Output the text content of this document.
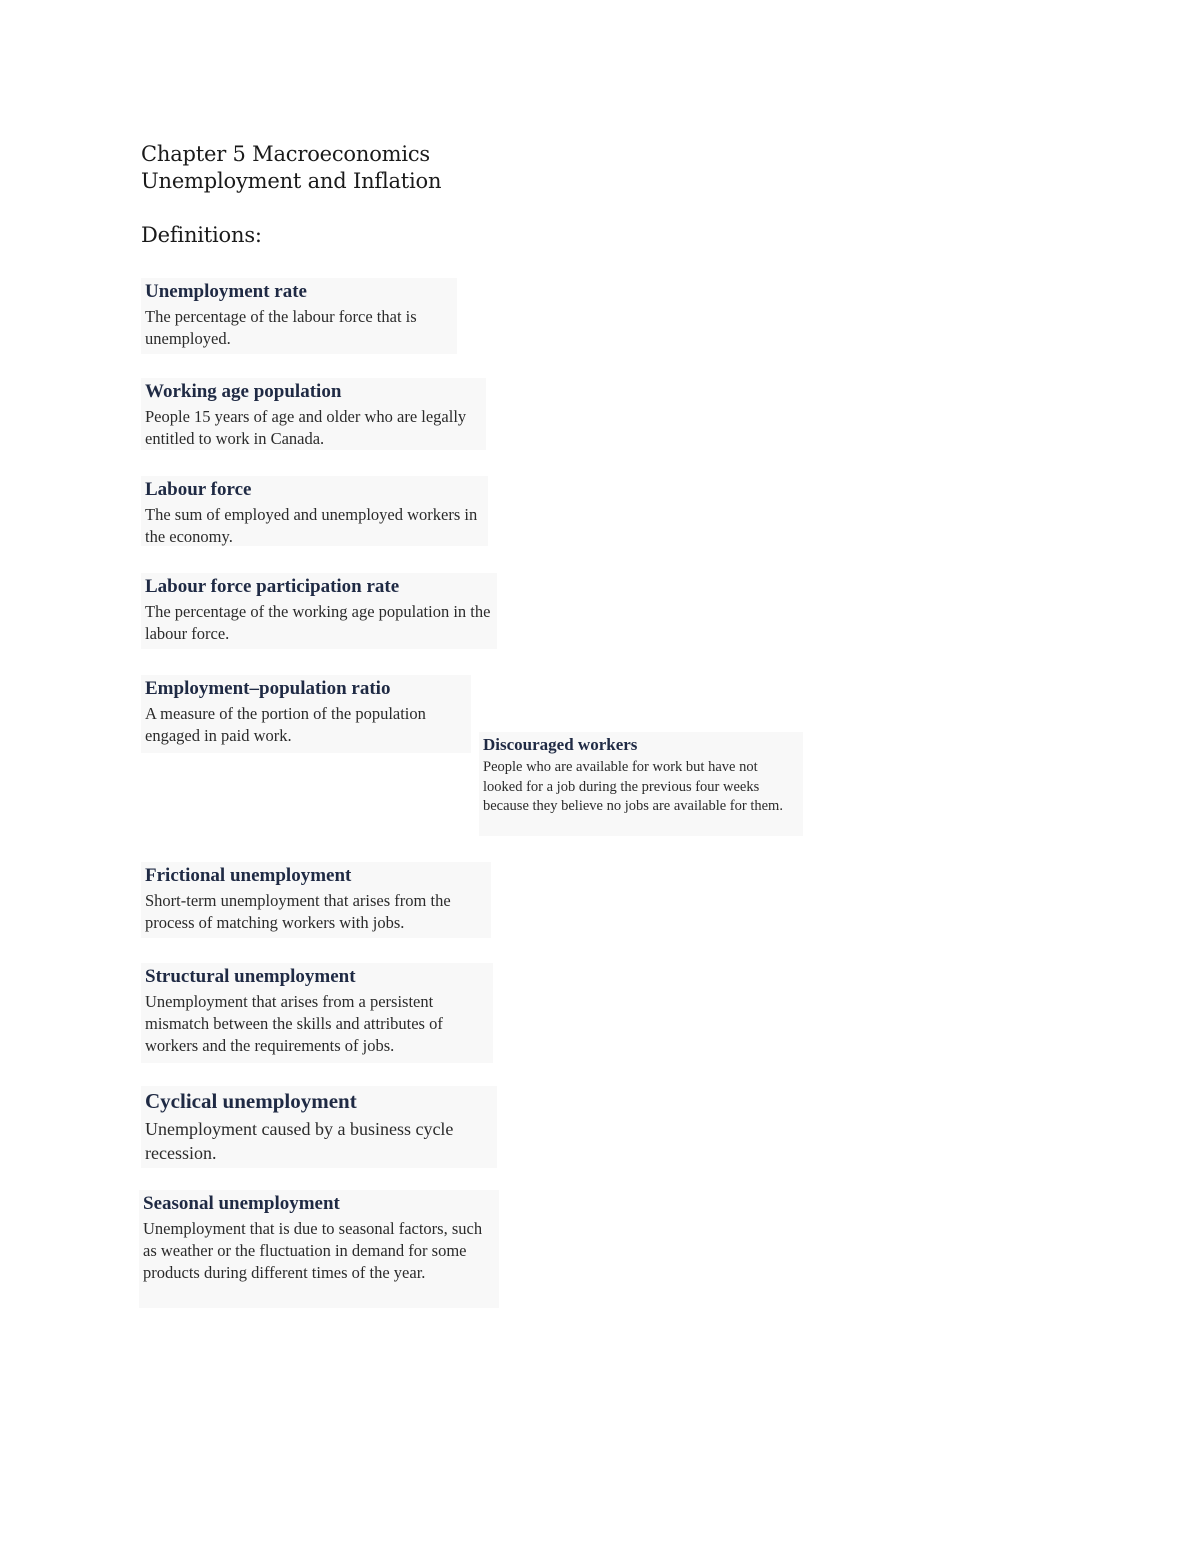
Chapter 5 Macroeconomics

Unemployment and Inflation

Definitions:

Unemployment rate

The percentage of the labour force that is unemployed.

Working age population

People 15 years of age and older who are legally entitled to work in Canada.

Labour force

The sum of employed and unemployed workers in the economy.

Labour force participation rate

The percentage of the working age population in the labour force.

Employment–population ratio

A measure of the portion of the population engaged in paid work.	Discouraged workers

People who are available for work but have not looked for a job during the previous four weeks because they believe no jobs are available for them.

Frictional unemployment

Short-term unemployment that arises from the process of matching workers with jobs.

Structural unemployment

Unemployment that arises from a persistent mismatch between the skills and attributes of workers and the requirements of jobs.

Cyclical unemployment

Unemployment caused by a business cycle recession.

Seasonal unemployment

Unemployment that is due to seasonal factors, such as weather or the fluctuation in demand for some products during different times of the year.
